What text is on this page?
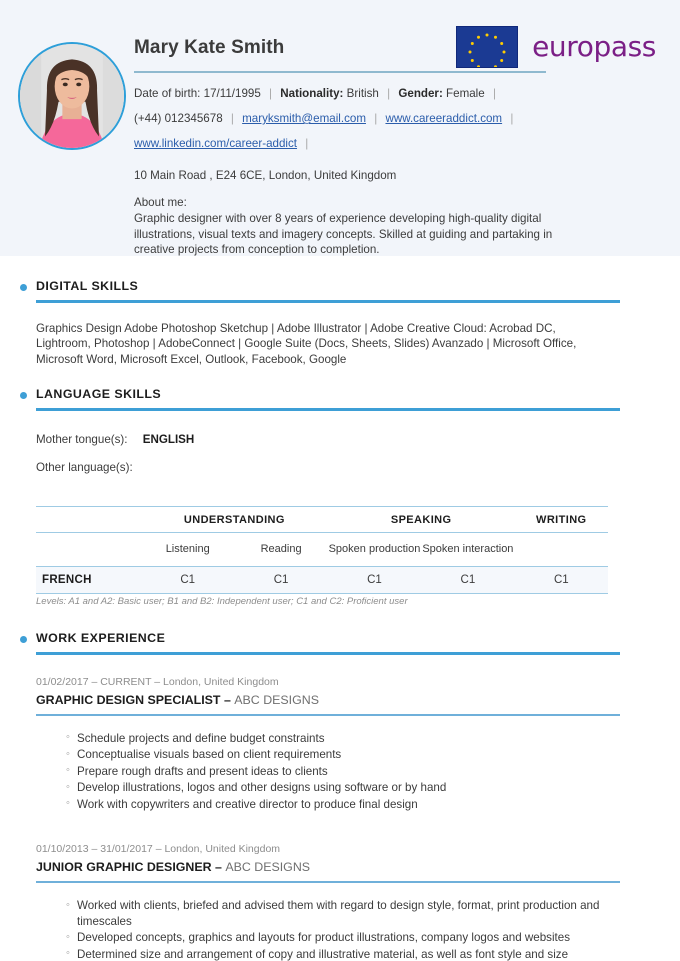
europass
Mary Kate Smith
Date of birth: 17/11/1995 | Nationality: British | Gender: Female |
(+44) 012345678 | maryksmith@email.com | www.careeraddict.com |
www.linkedin.com/career-addict |
10 Main Road , E24 6CE, London, United Kingdom
About me:
Graphic designer with over 8 years of experience developing high-quality digital illustrations, visual texts and imagery concepts. Skilled at guiding and partaking in creative projects from conception to completion.
DIGITAL SKILLS
Graphics Design Adobe Photoshop Sketchup | Adobe Illustrator | Adobe Creative Cloud: Acrobad DC, Lightroom, Photoshop | AdobeConnect | Google Suite (Docs, Sheets, Slides) Avanzado | Microsoft Office, Microsoft Word, Microsoft Excel, Outlook, Facebook, Google
LANGUAGE SKILLS
Mother tongue(s): ENGLISH
Other language(s):
	UNDERSTANDING		SPEAKING		WRITING
	Listening	Reading	Spoken production	Spoken interaction	
FRENCH	C1	C1	C1	C1	C1
Levels: A1 and A2: Basic user; B1 and B2: Independent user; C1 and C2: Proficient user
WORK EXPERIENCE
01/02/2017 – CURRENT – London, United Kingdom
GRAPHIC DESIGN SPECIALIST – ABC DESIGNS
◦ Schedule projects and define budget constraints
◦ Conceptualise visuals based on client requirements
◦ Prepare rough drafts and present ideas to clients
◦ Develop illustrations, logos and other designs using software or by hand
◦ Work with copywriters and creative director to produce final design
01/10/2013 – 31/01/2017 – London, United Kingdom
JUNIOR GRAPHIC DESIGNER – ABC DESIGNS
◦ Worked with clients, briefed and advised them with regard to design style, format, print production and timescales
◦ Developed concepts, graphics and layouts for product illustrations, company logos and websites
◦ Determined size and arrangement of copy and illustrative material, as well as font style and size
